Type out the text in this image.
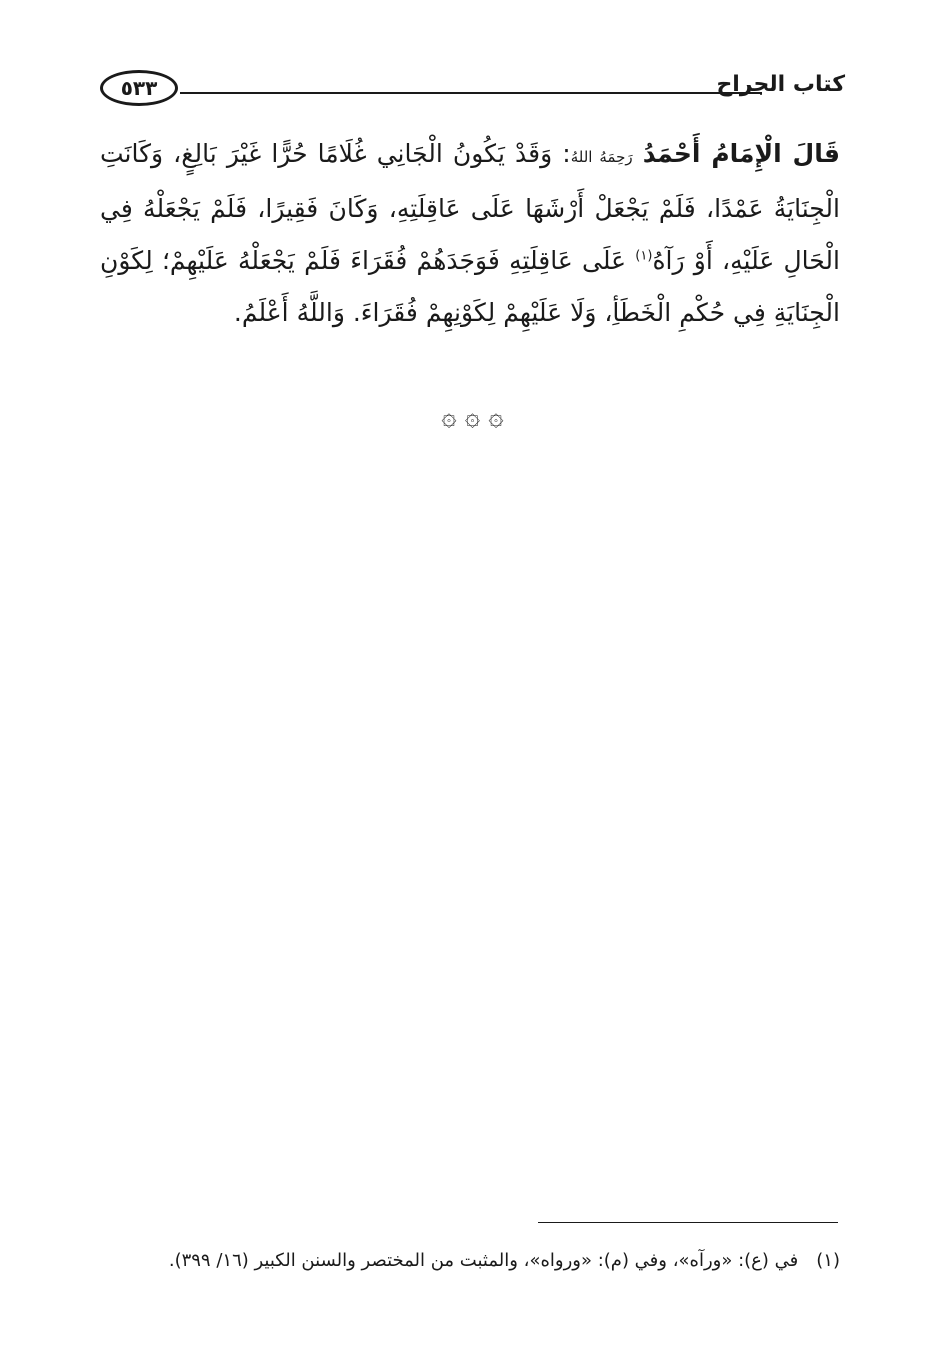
كتاب الجراح
٥٣٣
قَالَ الْإِمَامُ أَحْمَدُ رَحِمَهُ اللهُ: وَقَدْ يَكُونُ الْجَانِي غُلَامًا حُرًّا غَيْرَ بَالِغٍ، وَكَانَتِ الْجِنَايَةُ عَمْدًا، فَلَمْ يَجْعَلْ أَرْشَهَا عَلَى عَاقِلَتِهِ، وَكَانَ فَقِيرًا، فَلَمْ يَجْعَلْهُ فِي الْحَالِ عَلَيْهِ، أَوْ رَآهُ$^{(١)}$ عَلَى عَاقِلَتِهِ فَوَجَدَهُمْ فُقَرَاءَ فَلَمْ يَجْعَلْهُ عَلَيْهِمْ؛ لِكَوْنِ الْجِنَايَةِ فِي حُكْمِ الْخَطَأِ، وَلَا عَلَيْهِمْ لِكَوْنِهِمْ فُقَرَاءَ. وَاللَّهُ أَعْلَمُ.
۞ ۞ ۞
(١)في (ع): «ورآه»، وفي (م): «ورواه»، والمثبت من المختصر والسنن الكبير (١٦/ ٣٩٩).
